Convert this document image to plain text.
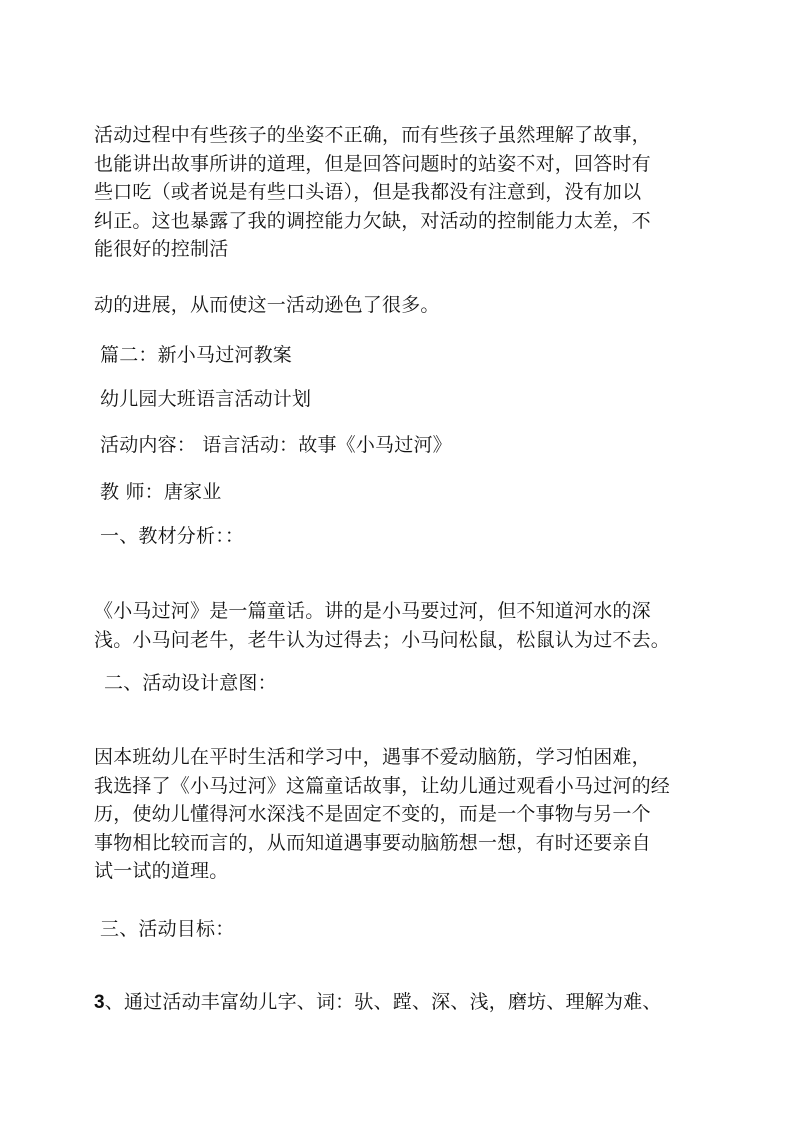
活动过程中有些孩子的坐姿不正确，而有些孩子虽然理解了故事，
也能讲出故事所讲的道理，但是回答问题时的站姿不对，回答时有
些口吃（或者说是有些口头语），但是我都没有注意到，没有加以
纠正。这也暴露了我的调控能力欠缺，对活动的控制能力太差，不
能很好的控制活
动的进展，从而使这一活动逊色了很多。
篇二：新小马过河教案
幼儿园大班语言活动计划
活动内容： 语言活动：故事《小马过河》
教 师：唐家业
一、教材分析：：
《小马过河》是一篇童话。讲的是小马要过河，但不知道河水的深
浅。小马问老牛，老牛认为过得去；小马问松鼠，松鼠认为过不去。
二、活动设计意图：
因本班幼儿在平时生活和学习中，遇事不爱动脑筋，学习怕困难，
我选择了《小马过河》这篇童话故事，让幼儿通过观看小马过河的经
历，使幼儿懂得河水深浅不是固定不变的，而是一个事物与另一个
事物相比较而言的，从而知道遇事要动脑筋想一想，有时还要亲自
试一试的道理。
三、活动目标：
3、通过活动丰富幼儿字、词：驮、蹚、深、浅，磨坊、理解为难、
